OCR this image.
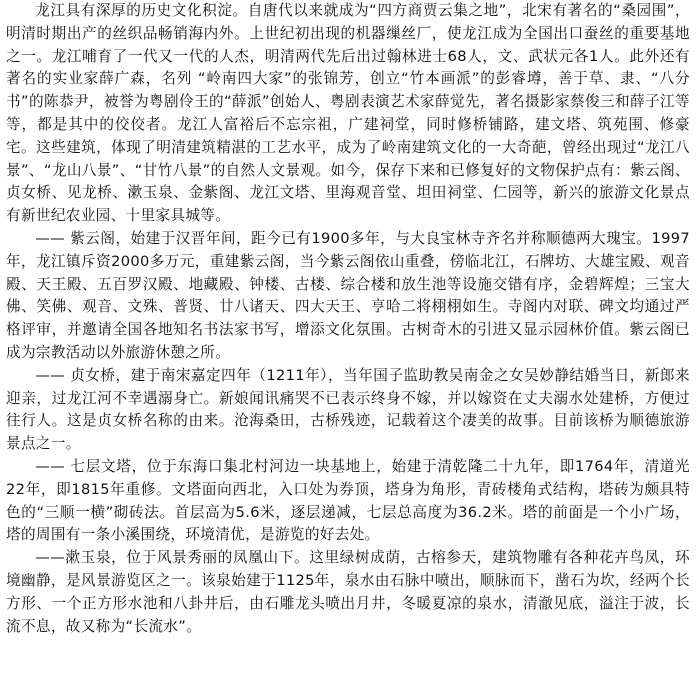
龙江具有深厚的历史文化积淀。自唐代以来就成为“四方商贾云集之地”，北宋有著名的“桑园围”，明清时期出产的丝织品畅销海内外。上世纪初出现的机器缫丝厂，使龙江成为全国出口蚕丝的重要基地之一。龙江哺育了一代又一代的人杰，明清两代先后出过翰林进士68人，文、武状元各1人。此外还有著名的实业家薛广森，名列 “岭南四大家”的张锦芳，创立“竹本画派”的彭睿壿，善于草、隶、“八分书”的陈恭尹，被誉为粤剧伶王的“薛派”创始人、粤剧表演艺术家薛觉先，著名摄影家蔡俊三和薛子江等等，都是其中的佼佼者。龙江人富裕后不忘宗祖，广建祠堂，同时修桥铺路，建文塔、筑苑围、修豪宅。这些建筑，体现了明清建筑精湛的工艺水平，成为了岭南建筑文化的一大奇葩，曾经出现过“龙江八景”、“龙山八景”、“甘竹八景”的自然人文景观。如今，保存下来和已修复好的文物保护点有：紫云阁、贞女桥、见龙桥、漱玉泉、金紫阁、龙江文塔、里海观音堂、坦田祠堂、仁园等，新兴的旅游文化景点有新世纪农业园、十里家具城等。

—— 紫云阁，始建于汉晋年间，距今已有1900多年，与大良宝林寺齐名并称顺德两大瑰宝。1997年，龙江镇斥资2000多万元，重建紫云阁，当今紫云阁依山重叠，傍临北江，石牌坊、大雄宝殿、观音殿、天王殿、五百罗汉殿、地藏殿、钟楼、古楼、综合楼和放生池等设施交错有序，金碧辉煌；三宝大佛、笑佛、观音、文殊、普贤、廿八诸天、四大天王、亨哈二将栩栩如生。寺阁内对联、碑文均通过严格评审，并邀请全国各地知名书法家书写，增添文化氛围。古树奇木的引进又显示园林价值。紫云阁已成为宗教活动以外旅游休憩之所。

—— 贞女桥，建于南宋嘉定四年（1211年），当年国子监助教吴南金之女吴妙静结婚当日，新郎来迎亲，过龙江河不幸遇溺身亡。新娘闻讯痛哭不已表示终身不嫁，并以嫁资在丈夫溺水处建桥，方便过往行人。这是贞女桥名称的由来。沧海桑田，古桥残迹，记载着这个凄美的故事。目前该桥为顺德旅游景点之一。

—— 七层文塔，位于东海口集北村河边一块基地上，始建于清乾隆二十九年，即1764年，清道光22年，即1815年重修。文塔面向西北，入口处为券顶，塔身为角形，青砖楼角式结构，塔砖为颇具特色的“三顺一横”砌砖法。首层高为5.6米，逐层递减，七层总高度为36.2米。塔的前面是一个小广场，塔的周围有一条小溪围绕，环境清优，是游览的好去处。

——漱玉泉，位于风景秀丽的凤凰山下。这里绿树成荫，古榕参天，建筑物雕有各种花卉鸟凤，环境幽静，是风景游览区之一。该泉始建于1125年，泉水由石脉中喷出，顺脉而下，凿石为坎，经两个长方形、一个正方形水池和八卦井后，由石雕龙头喷出月井，冬暖夏凉的泉水，清澈见底，溢注于波，长流不息，故又称为“长流水”。
